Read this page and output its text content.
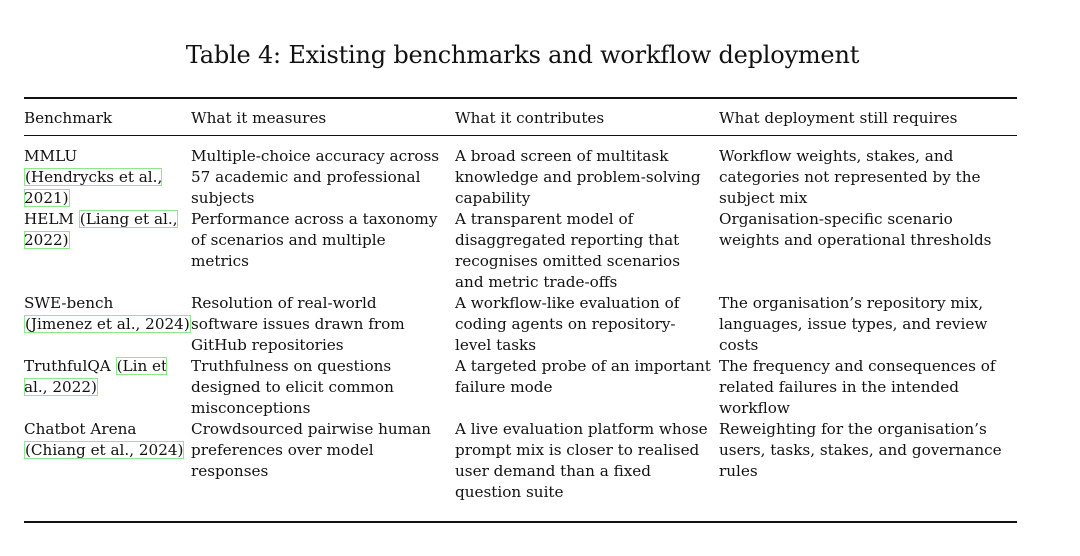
Table 4: Existing benchmarks and workflow deployment
Benchmark	What it measures	What it contributes	What deployment still requires
MMLU
(Hendrycks et al., 2021)	Multiple-choice accuracy across 57 academic and professional subjects	A broad screen of multitask knowledge and problem-solving capability	Workflow weights, stakes, and categories not represented by the subject mix

HELM (Liang et al., 2022)	Performance across a taxonomy of scenarios and multiple metrics	A transparent model of disaggregated reporting that recognises omitted scenarios and metric trade-offs	Organisation-specific scenario weights and operational thresholds

SWE-bench
(Jimenez et al., 2024)	Resolution of real-world software issues drawn from GitHub repositories	A workflow-like evaluation of coding agents on repository-level tasks	The organisation’s repository mix, languages, issue types, and review costs

TruthfulQA (Lin et al., 2022)	Truthfulness on questions designed to elicit common misconceptions	A targeted probe of an important failure mode	The frequency and consequences of related failures in the intended workflow

Chatbot Arena
(Chiang et al., 2024)	Crowdsourced pairwise human preferences over model responses	A live evaluation platform whose prompt mix is closer to realised user demand than a fixed question suite	Reweighting for the organisation’s users, tasks, stakes, and governance rules
